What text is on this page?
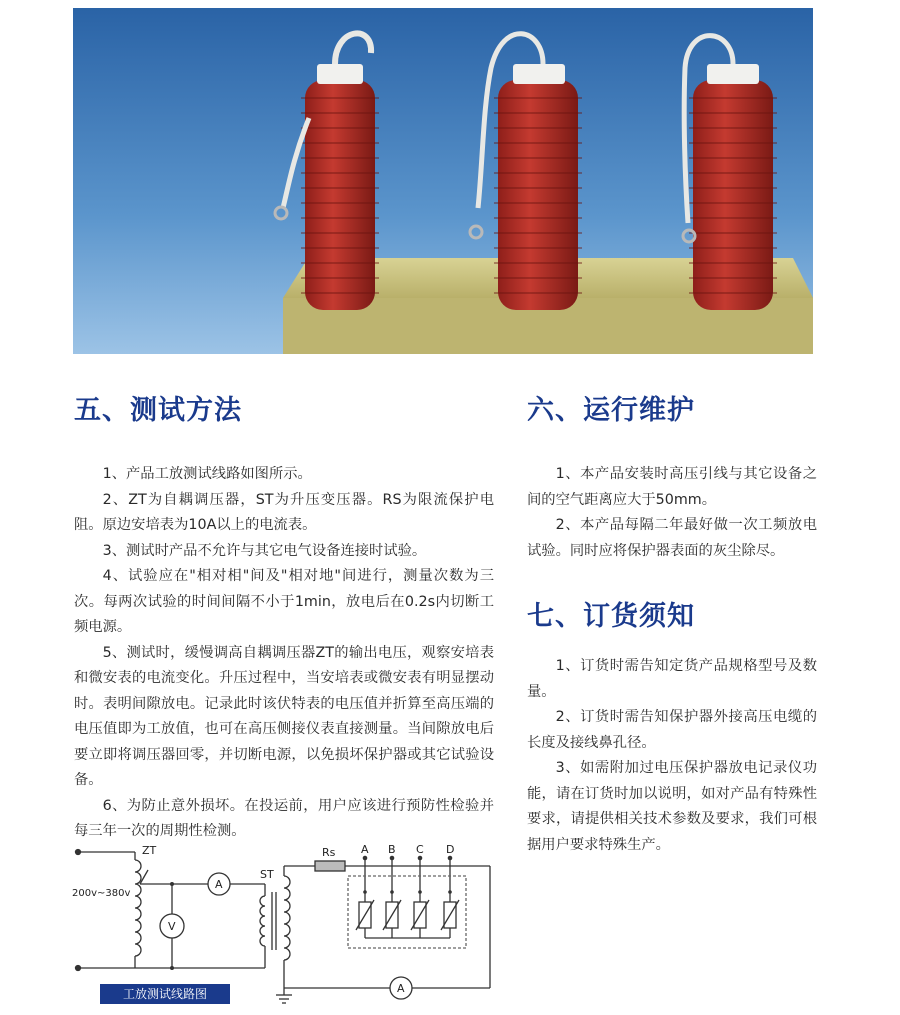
五、测试方法

1、产品工放测试线路如图所示。

2、ZT为自耦调压器，ST为升压变压器。RS为限流保护电阻。原边安培表为10A以上的电流表。

3、测试时产品不允许与其它电气设备连接时试验。

4、试验应在"相对相"间及"相对地"间进行，测量次数为三次。每两次试验的时间间隔不小于1min，放电后在0.2s内切断工频电源。

5、测试时，缓慢调高自耦调压器ZT的输出电压，观察安培表和微安表的电流变化。升压过程中，当安培表或微安表有明显摆动时。表明间隙放电。记录此时该伏特表的电压值并折算至高压端的电压值即为工放值，也可在高压侧接仪表直接测量。当间隙放电后要立即将调压器回零，并切断电源，以免损坏保护器或其它试验设备。

6、为防止意外损坏。在投运前，用户应该进行预防性检验并每三年一次的周期性检测。

六、运行维护

1、本产品安装时高压引线与其它设备之间的空气距离应大于50mm。

2、本产品每隔二年最好做一次工频放电试验。同时应将保护器表面的灰尘除尽。

七、订货须知

1、订货时需告知定货产品规格型号及数量。

2、订货时需告知保护器外接高压电缆的长度及接线鼻孔径。

3、如需附加过电压保护器放电记录仪功能，请在订货时加以说明，如对产品有特殊性要求，请提供相关技术参数及要求，我们可根据用户要求特殊生产。

ZT
ST
Rs
200v~380v
A
V
A
A B C D
工放测试线路图
